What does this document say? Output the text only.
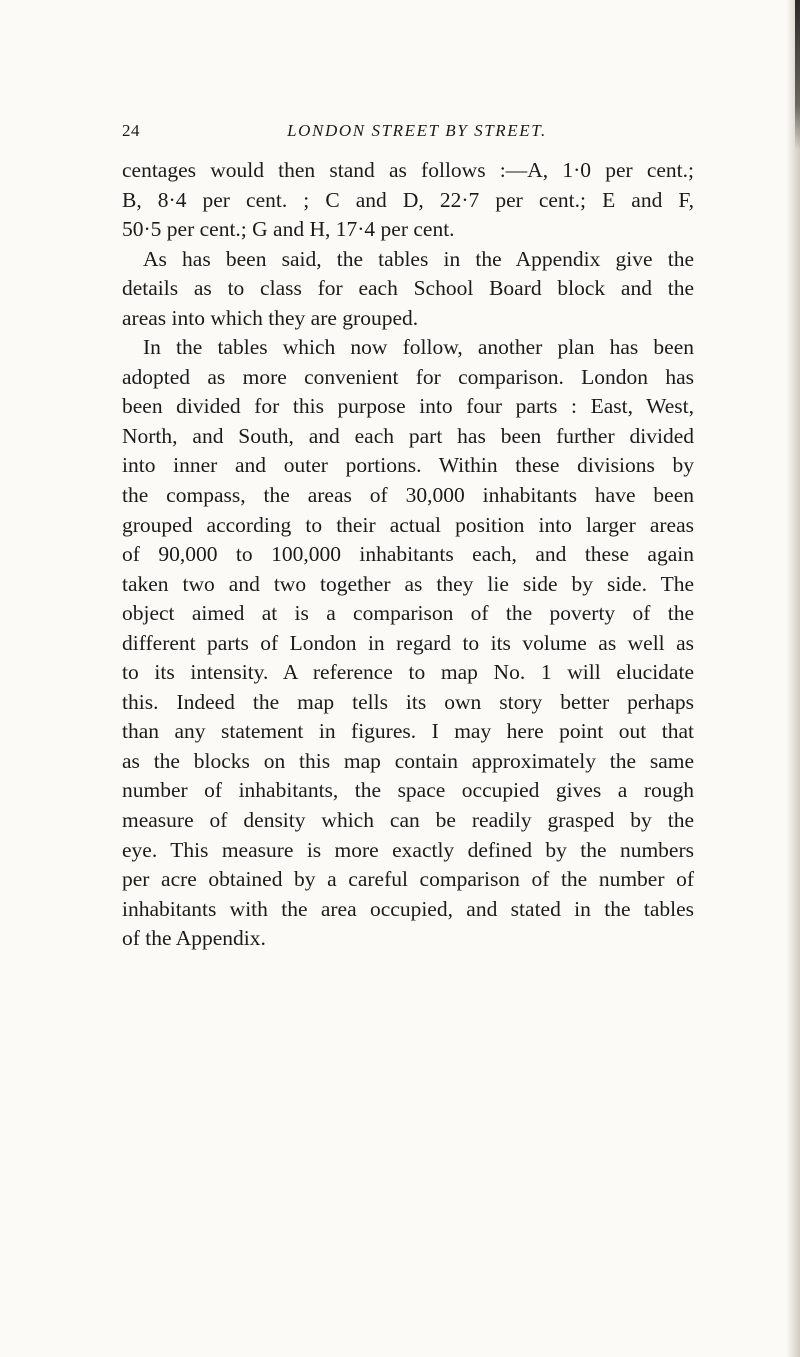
24	LONDON STREET BY STREET.
centages would then stand as follows :—A, 1·0 per cent.;
B, 8·4 per cent. ; C and D, 22·7 per cent.; E and F,
50·5 per cent.; G and H, 17·4 per cent.
As has been said, the tables in the Appendix give the
details as to class for each School Board block and the
areas into which they are grouped.
In the tables which now follow, another plan has been
adopted as more convenient for comparison. London has
been divided for this purpose into four parts : East, West,
North, and South, and each part has been further divided
into inner and outer portions. Within these divisions by
the compass, the areas of 30,000 inhabitants have been
grouped according to their actual position into larger areas
of 90,000 to 100,000 inhabitants each, and these again
taken two and two together as they lie side by side. The
object aimed at is a comparison of the poverty of the
different parts of London in regard to its volume as well as
to its intensity. A reference to map No. 1 will elucidate
this. Indeed the map tells its own story better perhaps
than any statement in figures. I may here point out that
as the blocks on this map contain approximately the same
number of inhabitants, the space occupied gives a rough
measure of density which can be readily grasped by the
eye. This measure is more exactly defined by the numbers
per acre obtained by a careful comparison of the number of
inhabitants with the area occupied, and stated in the tables
of the Appendix.
